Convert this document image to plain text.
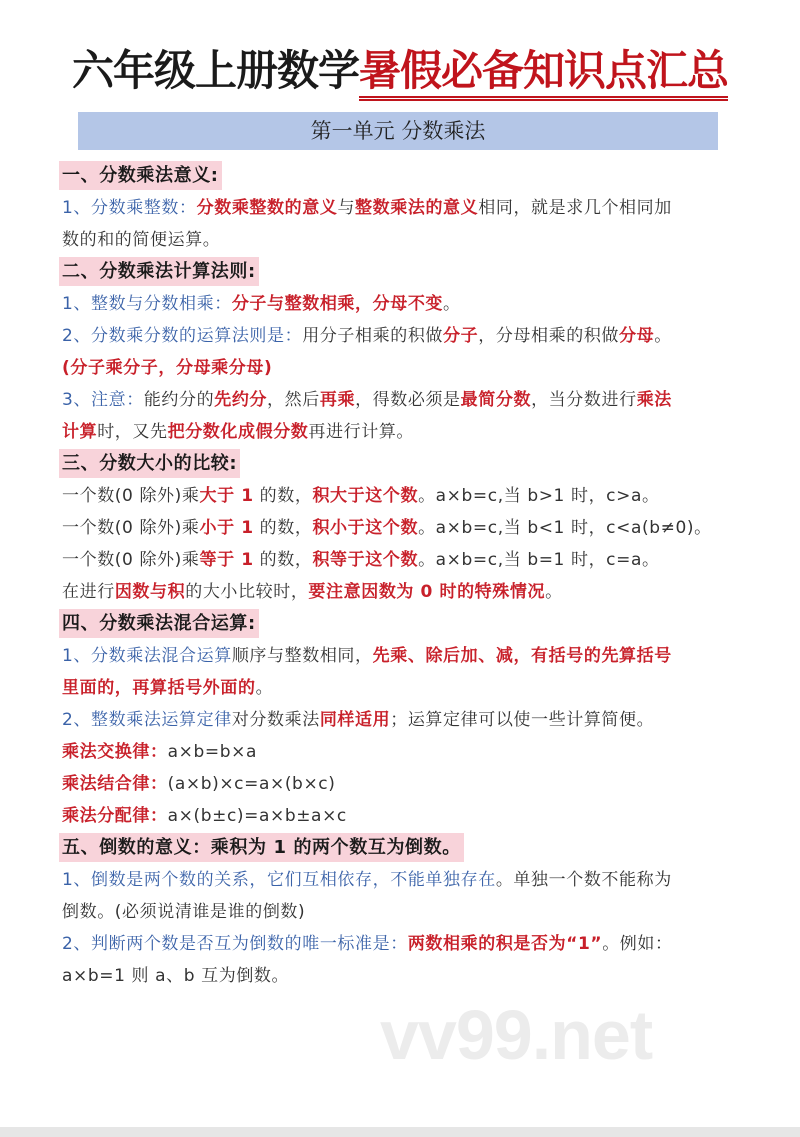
六年级上册数学暑假必备知识点汇总
第一单元 分数乘法
一、分数乘法意义:
1、分数乘整数：分数乘整数的意义与整数乘法的意义相同，就是求几个相同加
数的和的简便运算。
二、分数乘法计算法则:
1、整数与分数相乘：分子与整数相乘，分母不变。
2、分数乘分数的运算法则是：用分子相乘的积做分子，分母相乘的积做分母。
(分子乘分子，分母乘分母)
3、注意：能约分的先约分，然后再乘，得数必须是最简分数，当分数进行乘法
计算时，又先把分数化成假分数再进行计算。
三、分数大小的比较:
一个数(0 除外)乘大于 1 的数，积大于这个数。a×b=c,当 b>1 时，c>a。
一个数(0 除外)乘小于 1 的数，积小于这个数。a×b=c,当 b<1 时，c<a(b≠0)。
一个数(0 除外)乘等于 1 的数，积等于这个数。a×b=c,当 b=1 时，c=a。
在进行因数与积的大小比较时，要注意因数为 0 时的特殊情况。
四、分数乘法混合运算:
1、分数乘法混合运算顺序与整数相同，先乘、除后加、减，有括号的先算括号
里面的，再算括号外面的。
2、整数乘法运算定律对分数乘法同样适用；运算定律可以使一些计算简便。
乘法交换律：a×b=b×a
乘法结合律：(a×b)×c=a×(b×c)
乘法分配律：a×(b±c)=a×b±a×c
五、倒数的意义：乘积为 1 的两个数互为倒数。
1、倒数是两个数的关系，它们互相依存，不能单独存在。单独一个数不能称为
倒数。(必须说清谁是谁的倒数)
2、判断两个数是否互为倒数的唯一标准是：两数相乘的积是否为“1”。例如：
a×b=1 则 a、b 互为倒数。
vv99.net
